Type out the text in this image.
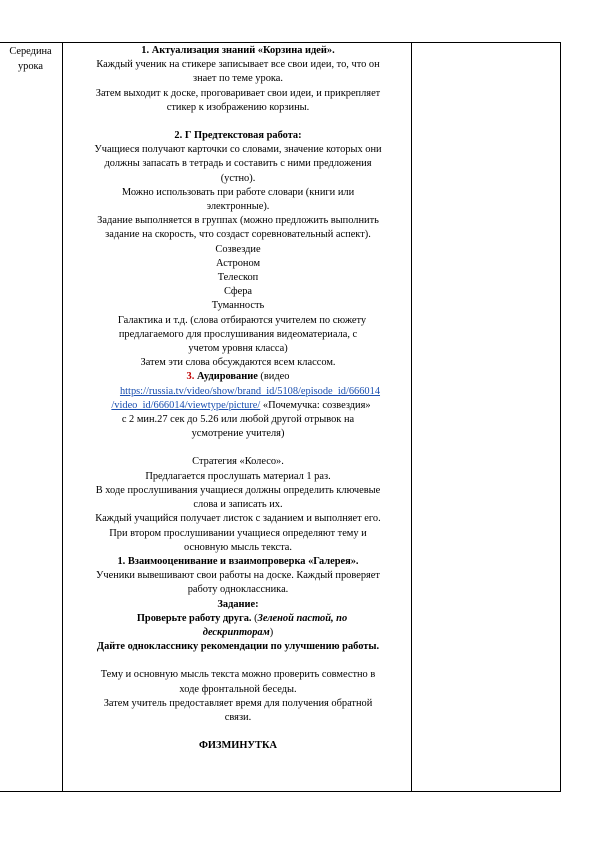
Середина
урока
1. Актуализация знаний «Корзина идей».
Каждый ученик на стикере записывает все свои идеи, то, что он
знает по теме урока.
Затем выходит к доске, проговаривает свои идеи, и прикрепляет
стикер к изображению корзины.
2. Г Предтекстовая работа:
Учащиеся получают карточки со словами, значение которых они
должны запасать в тетрадь и составить с ними предложения
(устно).
Можно использовать при работе словари (книги или
электронные).
Задание выполняется в группах (можно предложить выполнить
задание на скорость, что создаст соревновательный аспект).
Созвездие
Астроном
Телескоп
Сфера
Туманность
Галактика и т.д. (слова отбираются учителем по сюжету
предлагаемого для прослушивания видеоматериала, с
учетом уровня класса)
Затем эти слова обсуждаются всем классом.
3. Аудирование (видео
https://russia.tv/video/show/brand_id/5108/episode_id/666014
/video_id/666014/viewtype/picture/ «Почемучка: созвездия»
с 2 мин.27 сек до 5.26 или любой другой отрывок на
усмотрение учителя)
Стратегия «Колесо».
Предлагается прослушать материал 1 раз.
В ходе прослушивания учащиеся должны определить ключевые
слова и записать их.
Каждый учащийся получает листок с заданием и выполняет его.
При втором прослушивании учащиеся определяют тему и
основную мысль текста.
1. Взаимооценивание и взаимопроверка «Галерея».
Ученики вывешивают свои работы на доске. Каждый проверяет
работу одноклассника.
Задание:
Проверьте работу друга. (Зеленой пастой, по
дескрипторам)
Дайте однокласснику рекомендации по улучшению работы.
Тему и основную мысль текста можно проверить совместно в
ходе фронтальной беседы.
Затем учитель предоставляет время для получения обратной
связи.
ФИЗМИНУТКА
